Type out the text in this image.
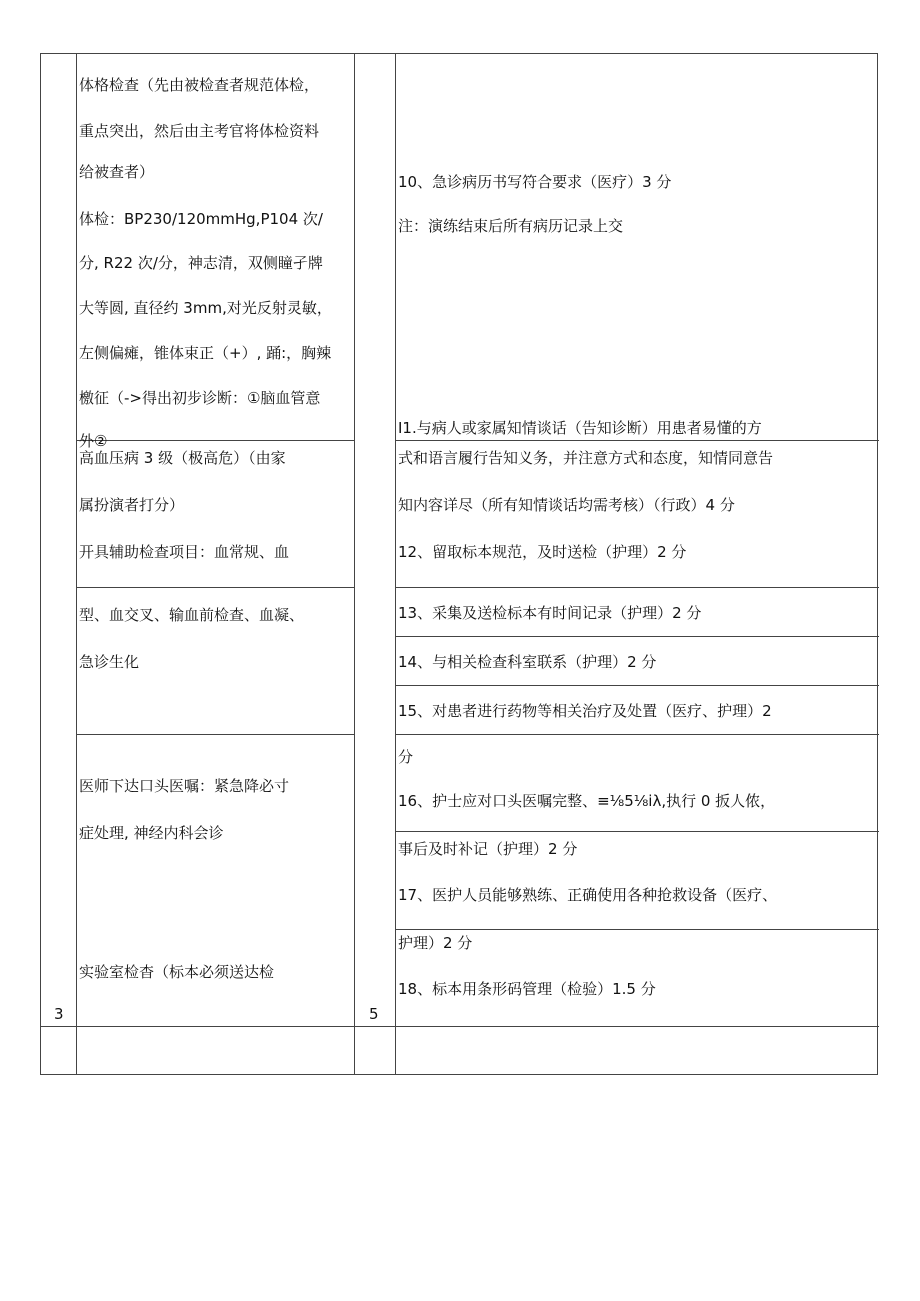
3	5
体格检查（先由被检查者规范体检，
重点突出，然后由主考官将体检资料
给被查者）
体检：BP230/120mmHg,P104 次/
分, R22 次/分，神志清，双侧瞳孑牌
大等圆, 直径约 3mm,对光反射灵敏，
左侧偏瘫，锥体束正（+）, 踊:，胸辣
檄征（->得出初步诊断：①脑血管意
外②
高血压病 3 级（极高危）（由家
属扮演者打分）
开具辅助检查项目：血常规、血
型、血交叉、输血前检查、血凝、
急诊生化
医师下达口头医嘱：紧急降必寸
症处理, 神经内科会诊
实验室检杳（标本必须送达检
10、急诊病历书写符合要求（医疗）3 分
注：演练结束后所有病历记录上交
I1.与病人或家属知情谈话（告知诊断）用患者易懂的方
式和语言履行告知义务，并注意方式和态度，知情同意告
知内容详尽（所有知情谈话均需考核）（行政）4 分
12、留取标本规范，及时送检（护理）2 分
13、采集及送检标本有时间记录（护理）2 分
14、与相关检查科室联系（护理）2 分
15、对患者进行药物等相关治疗及处置（医疗、护理）2
分
16、护士应对口头医嘱完整、≡⅛5⅛iλ,执行 0 扳人侬，
事后及时补记（护理）2 分
17、医护人员能够熟练、正确使用各种抢救设备（医疗、
护理）2 分
18、标本用条形码管理（检验）1.5 分
